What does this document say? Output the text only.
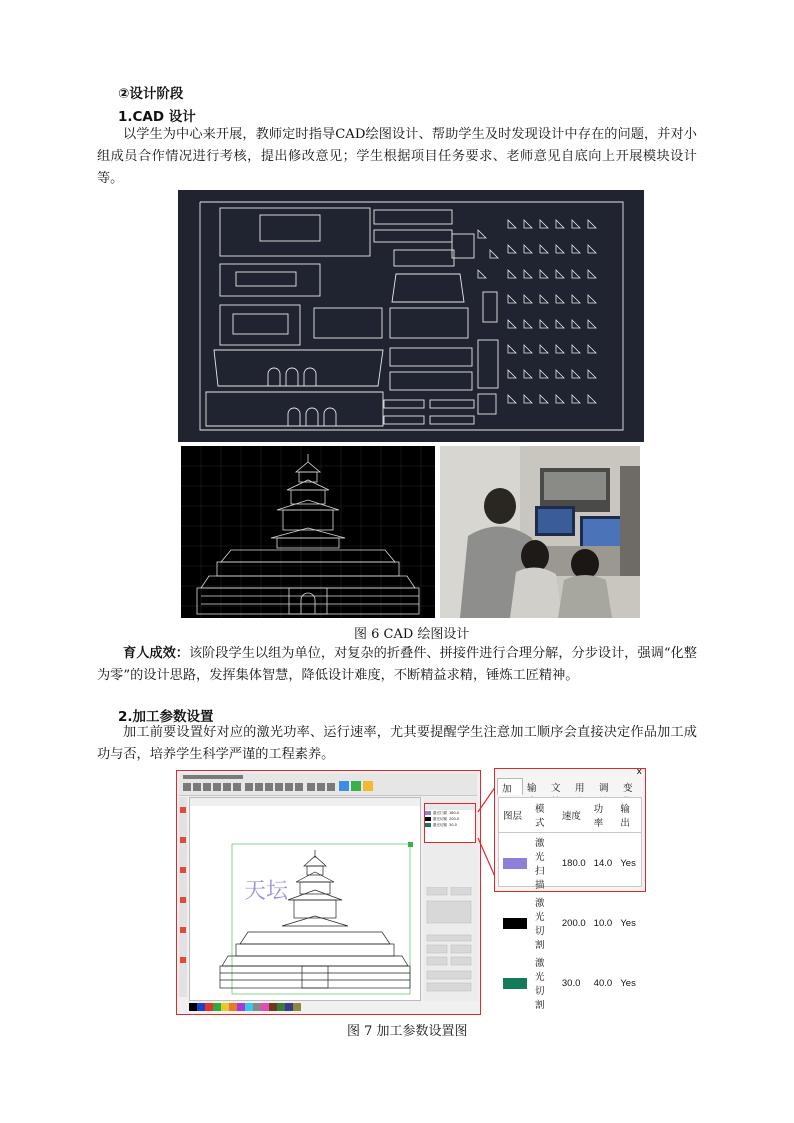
②设计阶段
1.CAD 设计
以学生为中心来开展，教师定时指导CAD绘图设计、帮助学生及时发现设计中存在的问题，并对小组成员合作情况进行考核，提出修改意见；学生根据项目任务要求、老师意见自底向上开展模块设计等。
图 6 CAD 绘图设计
育人成效：该阶段学生以组为单位，对复杂的折叠件、拼接件进行合理分解，分步设计，强调“化整为零”的设计思路，发挥集体智慧，降低设计难度，不断精益求精，锤炼工匠精神。
2.加工参数设置
加工前要设置好对应的激光功率、运行速率，尤其要提醒学生注意加工顺序会直接决定作品加工成功与否，培养学生科学严谨的工程素养。
天坛
激光扫描 180.0
激光切割 200.0
激光切割 30.0
x
加	输	文	用	调	变
图层	模式	速度	功率	输出

	激光扫描	180.0	14.0	Yes

	激光切割	200.0	10.0	Yes

	激光切割	30.0	40.0	Yes
图 7 加工参数设置图
